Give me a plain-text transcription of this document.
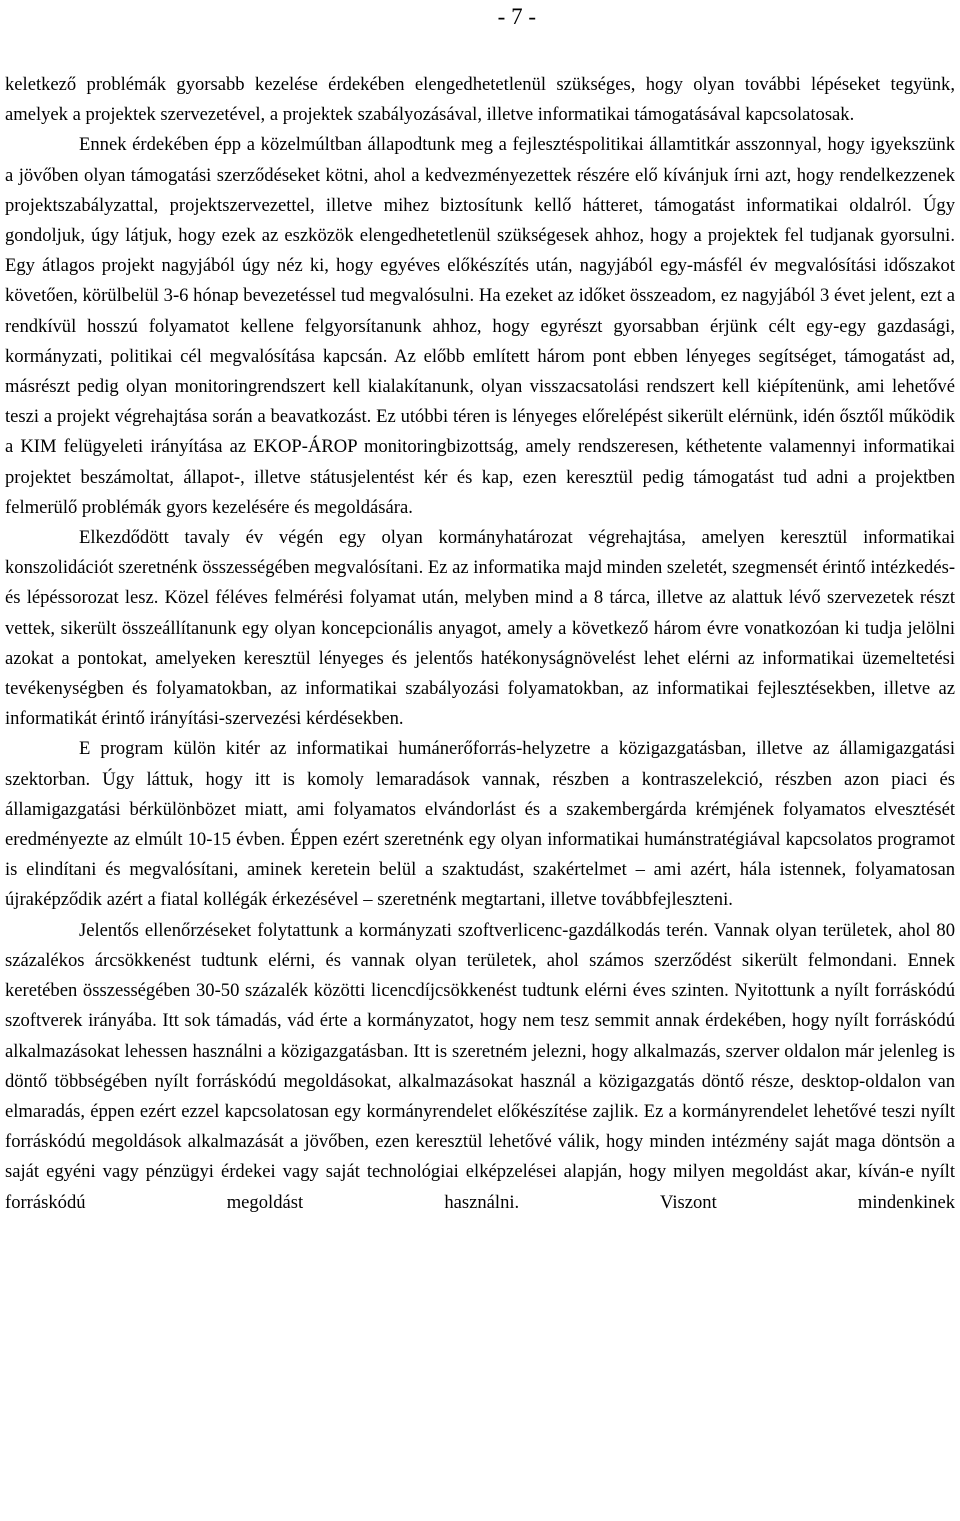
- 7 -

keletkező problémák gyorsabb kezelése érdekében elengedhetetlenül szükséges, hogy olyan további lépéseket tegyünk, amelyek a projektek szervezetével, a projektek szabályozásával, illetve informatikai támogatásával kapcsolatosak.

Ennek érdekében épp a közelmúltban állapodtunk meg a fejlesztéspolitikai államtitkár asszonnyal, hogy igyekszünk a jövőben olyan támogatási szerződéseket kötni, ahol a kedvezményezettek részére elő kívánjuk írni azt, hogy rendelkezzenek projektszabályzattal, projektszervezettel, illetve mihez biztosítunk kellő hátteret, támogatást informatikai oldalról. Úgy gondoljuk, úgy látjuk, hogy ezek az eszközök elengedhetetlenül szükségesek ahhoz, hogy a projektek fel tudjanak gyorsulni. Egy átlagos projekt nagyjából úgy néz ki, hogy egyéves előkészítés után, nagyjából egy-másfél év megvalósítási időszakot követően, körülbelül 3-6 hónap bevezetéssel tud megvalósulni. Ha ezeket az időket összeadom, ez nagyjából 3 évet jelent, ezt a rendkívül hosszú folyamatot kellene felgyorsítanunk ahhoz, hogy egyrészt gyorsabban érjünk célt egy-egy gazdasági, kormányzati, politikai cél megvalósítása kapcsán. Az előbb említett három pont ebben lényeges segítséget, támogatást ad, másrészt pedig olyan monitoringrendszert kell kialakítanunk, olyan visszacsatolási rendszert kell kiépítenünk, ami lehetővé teszi a projekt végrehajtása során a beavatkozást. Ez utóbbi téren is lényeges előrelépést sikerült elérnünk, idén ősztől működik a KIM felügyeleti irányítása az EKOP-ÁROP monitoringbizottság, amely rendszeresen, kéthetente valamennyi informatikai projektet beszámoltat, állapot-, illetve státusjelentést kér és kap, ezen keresztül pedig támogatást tud adni a projektben felmerülő problémák gyors kezelésére és megoldására.

Elkezdődött tavaly év végén egy olyan kormányhatározat végrehajtása, amelyen keresztül informatikai konszolidációt szeretnénk összességében megvalósítani. Ez az informatika majd minden szeletét, szegmensét érintő intézkedés- és lépéssorozat lesz. Közel féléves felmérési folyamat után, melyben mind a 8 tárca, illetve az alattuk lévő szervezetek részt vettek, sikerült összeállítanunk egy olyan koncepcionális anyagot, amely a következő három évre vonatkozóan ki tudja jelölni azokat a pontokat, amelyeken keresztül lényeges és jelentős hatékonyságnövelést lehet elérni az informatikai üzemeltetési tevékenységben és folyamatokban, az informatikai szabályozási folyamatokban, az informatikai fejlesztésekben, illetve az informatikát érintő irányítási-szervezési kérdésekben.

E program külön kitér az informatikai humánerőforrás-helyzetre a közigazgatásban, illetve az államigazgatási szektorban. Úgy láttuk, hogy itt is komoly lemaradások vannak, részben a kontraszelekció, részben azon piaci és államigazgatási bérkülönbözet miatt, ami folyamatos elvándorlást és a szakembergárda krémjének folyamatos elvesztését eredményezte az elmúlt 10-15 évben. Éppen ezért szeretnénk egy olyan informatikai humánstratégiával kapcsolatos programot is elindítani és megvalósítani, aminek keretein belül a szaktudást, szakértelmet – ami azért, hála istennek, folyamatosan újraképződik azért a fiatal kollégák érkezésével – szeretnénk megtartani, illetve továbbfejleszteni.

Jelentős ellenőrzéseket folytattunk a kormányzati szoftverlicenc-gazdálkodás terén. Vannak olyan területek, ahol 80 százalékos árcsökkenést tudtunk elérni, és vannak olyan területek, ahol számos szerződést sikerült felmondani. Ennek keretében összességében 30-50 százalék közötti licencdíjcsökkenést tudtunk elérni éves szinten. Nyitottunk a nyílt forráskódú szoftverek irányába. Itt sok támadás, vád érte a kormányzatot, hogy nem tesz semmit annak érdekében, hogy nyílt forráskódú alkalmazásokat lehessen használni a közigazgatásban. Itt is szeretném jelezni, hogy alkalmazás, szerver oldalon már jelenleg is döntő többségében nyílt forráskódú megoldásokat, alkalmazásokat használ a közigazgatás döntő része, desktop-oldalon van elmaradás, éppen ezért ezzel kapcsolatosan egy kormányrendelet előkészítése zajlik. Ez a kormányrendelet lehetővé teszi nyílt forráskódú megoldások alkalmazását a jövőben, ezen keresztül lehetővé válik, hogy minden intézmény saját maga döntsön a saját egyéni vagy pénzügyi érdekei vagy saját technológiai elképzelései alapján, hogy milyen megoldást akar, kíván-e nyílt forráskódú megoldást használni. Viszont mindenkinek
